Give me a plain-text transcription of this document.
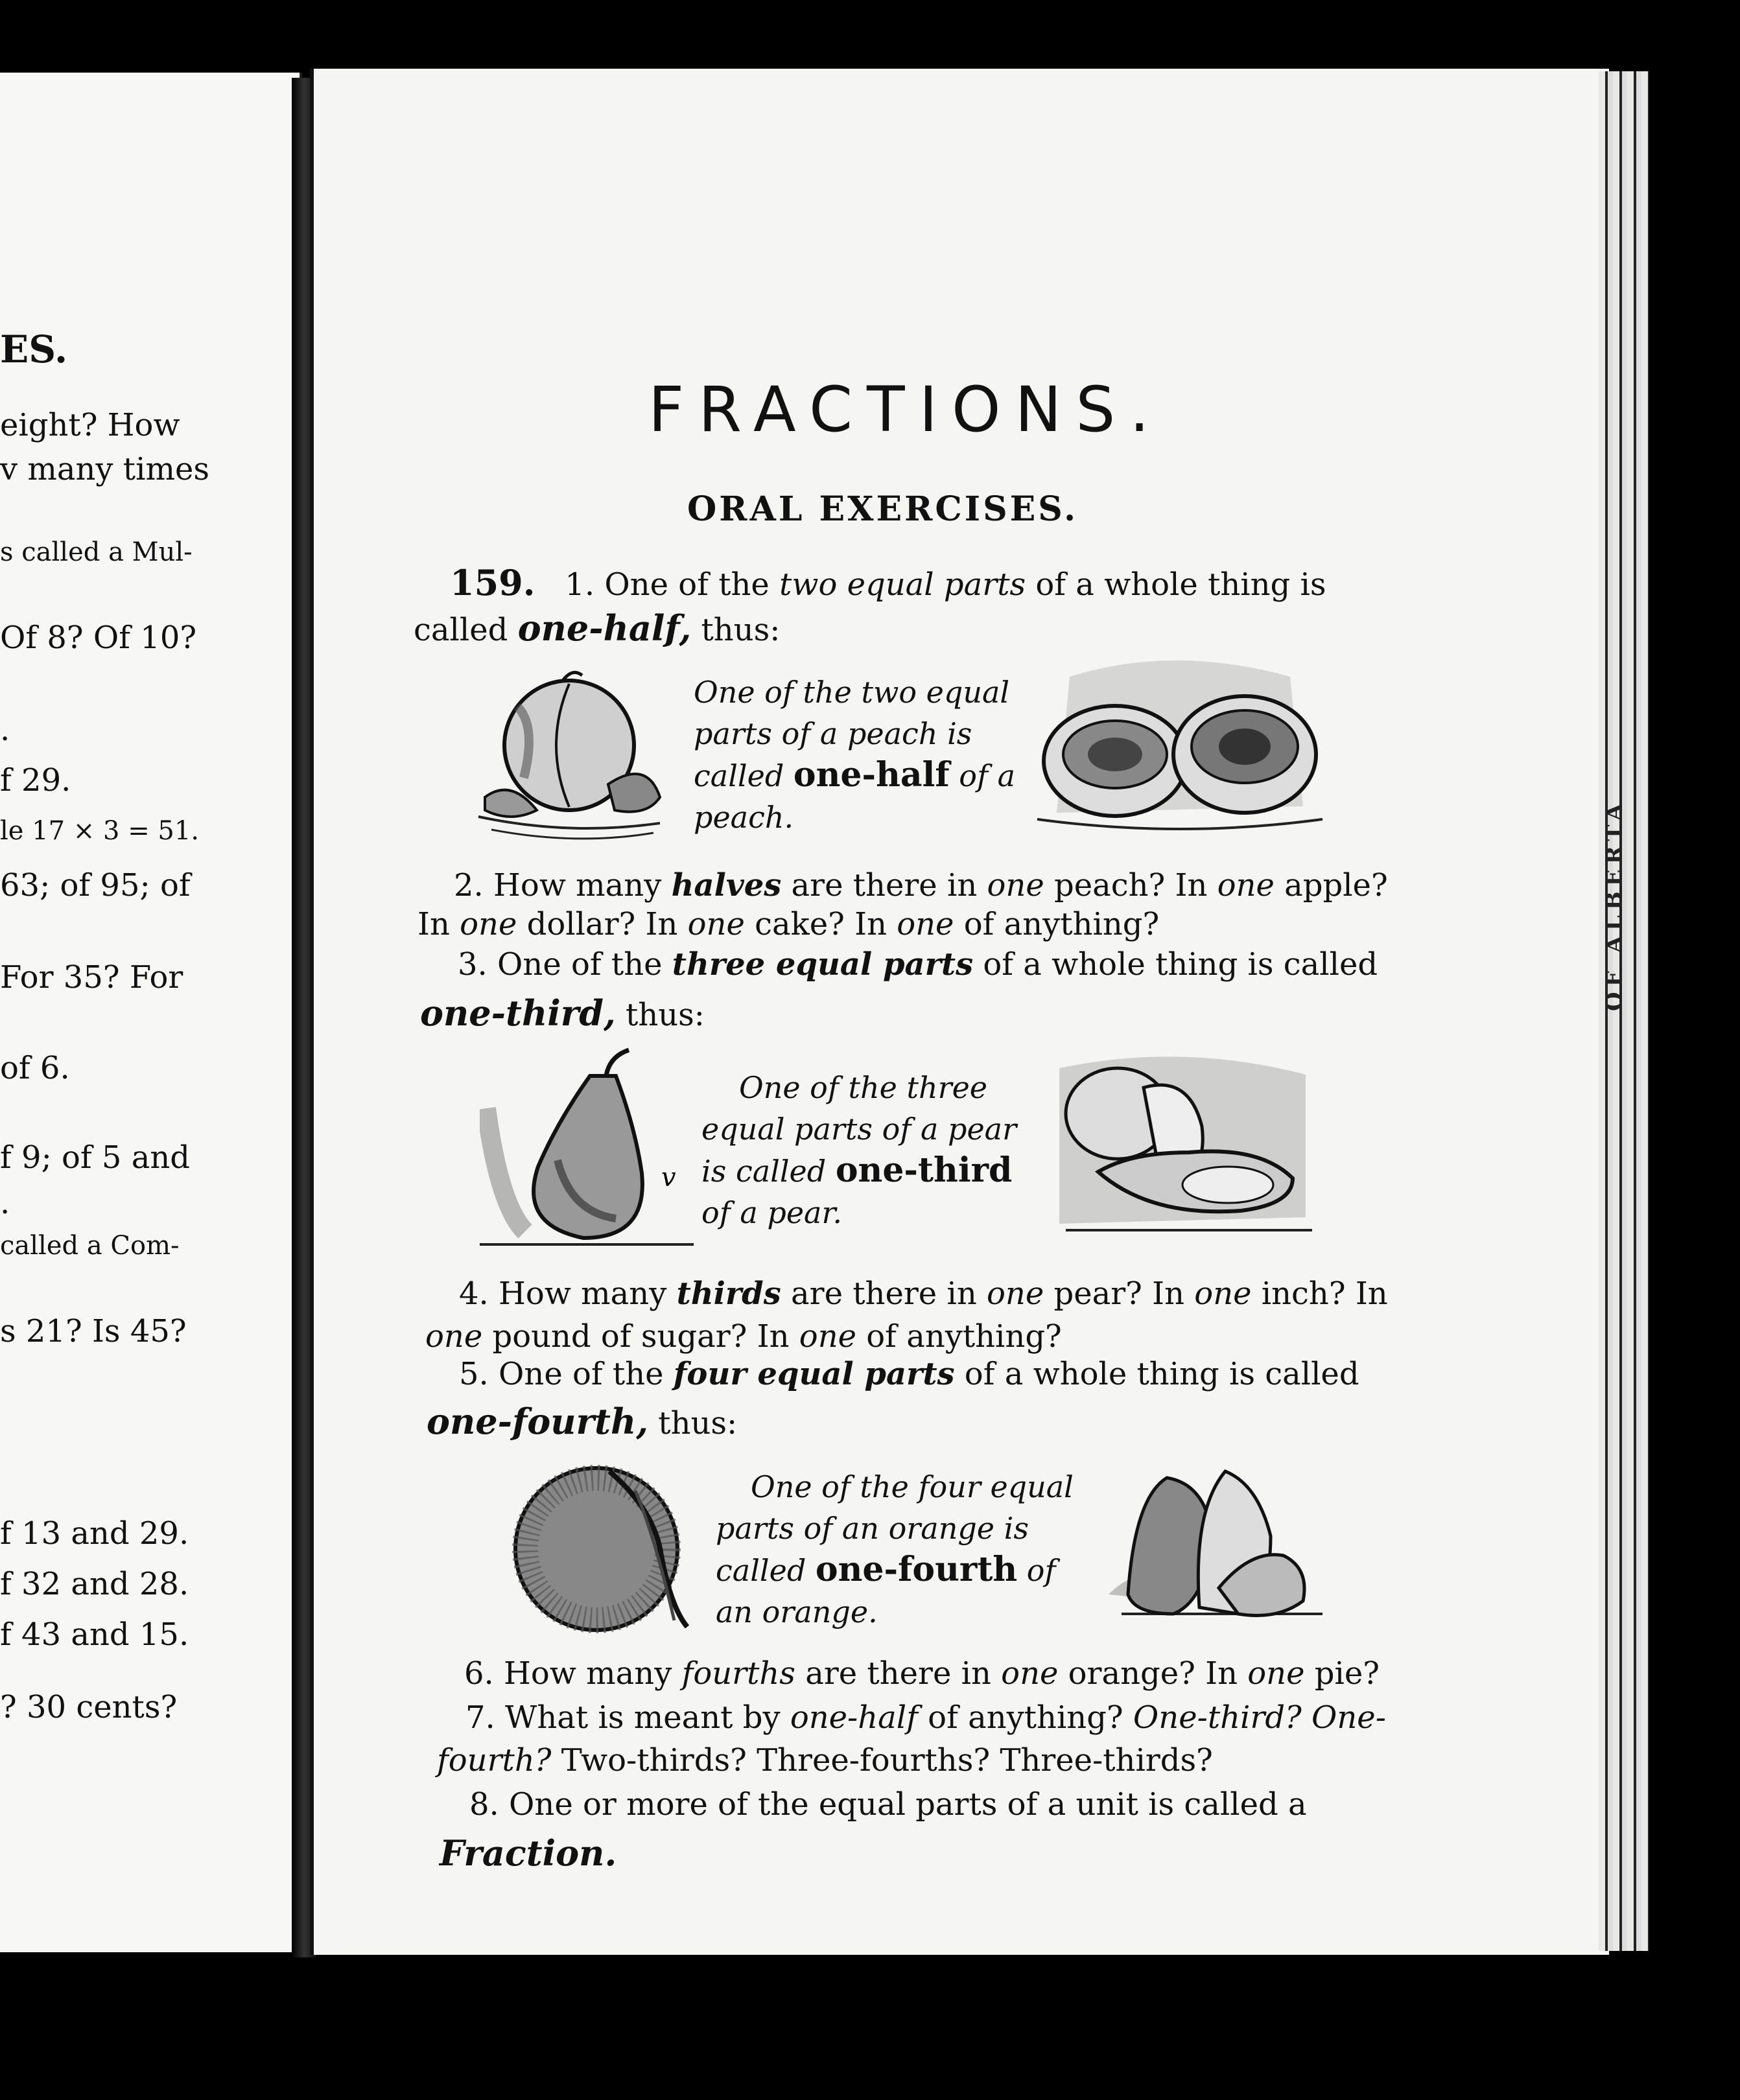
ES.
eight? How
v many times
s called a Mul-
Of 8? Of 10?
.
f 29.
le 17 × 3 = 51.
63; of 95; of
For 35? For
of 6.
f 9; of 5 and
.
called a Com-
s 21? Is 45?
f 13 and 29.
f 32 and 28.
f 43 and 15.
? 30 cents?
OF ALBERTA
FRACTIONS.
ORAL EXERCISES.
159. 1. One of the two equal parts of a whole thing is
called one-half, thus:
One of the two equal
parts of a peach is
called one-half of a
peach.
2. How many halves are there in one peach? In one apple?
In one dollar? In one cake? In one of anything?
3. One of the three equal parts of a whole thing is called
one-third, thus:
v
One of the three
equal parts of a pear
is called one-third
of a pear.
4. How many thirds are there in one pear? In one inch? In
one pound of sugar? In one of anything?
5. One of the four equal parts of a whole thing is called
one-fourth, thus:
One of the four equal
parts of an orange is
called one-fourth of
an orange.
6. How many fourths are there in one orange? In one pie?
7. What is meant by one-half of anything? One-third? One-
fourth? Two-thirds? Three-fourths? Three-thirds?
8. One or more of the equal parts of a unit is called a
Fraction.
